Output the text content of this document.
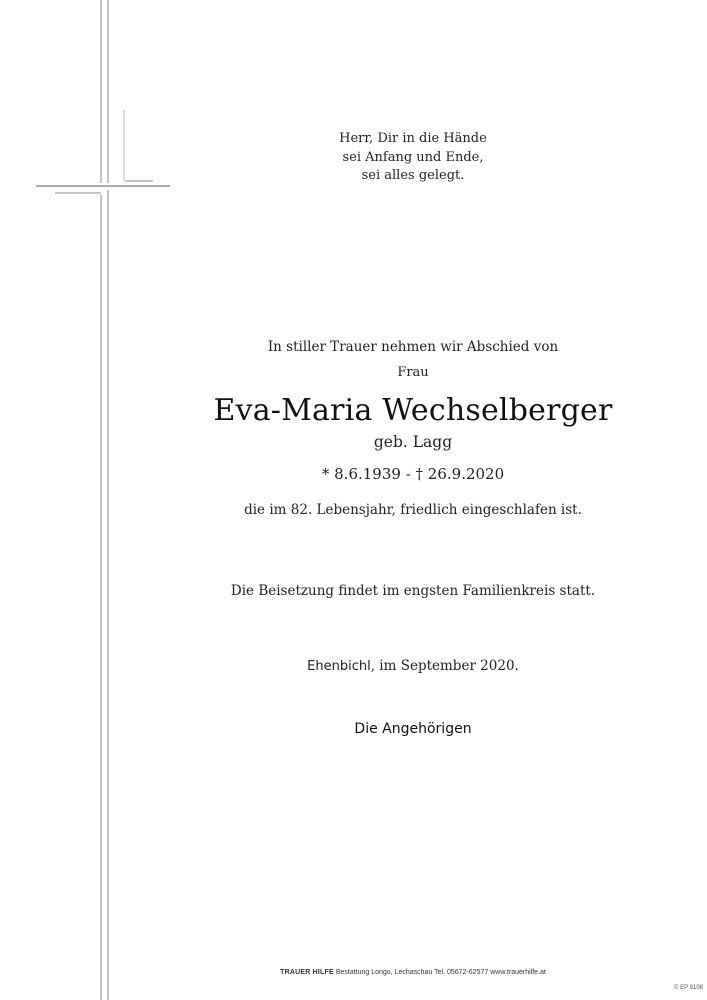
Herr, Dir in die Hände
sei Anfang und Ende,
sei alles gelegt.
In stiller Trauer nehmen wir Abschied von
Frau
Eva-Maria Wechselberger
geb. Lagg
* 8.6.1939 - † 26.9.2020
die im 82. Lebensjahr, friedlich eingeschlafen ist.
Die Beisetzung findet im engsten Familienkreis statt.
Ehenbichl, im September 2020.
Die Angehörigen
TRAUER HILFE Bestattung Longo, Lechaschau Tel. 05672-62577 www.trauerhilfe.at
© EP 9108
